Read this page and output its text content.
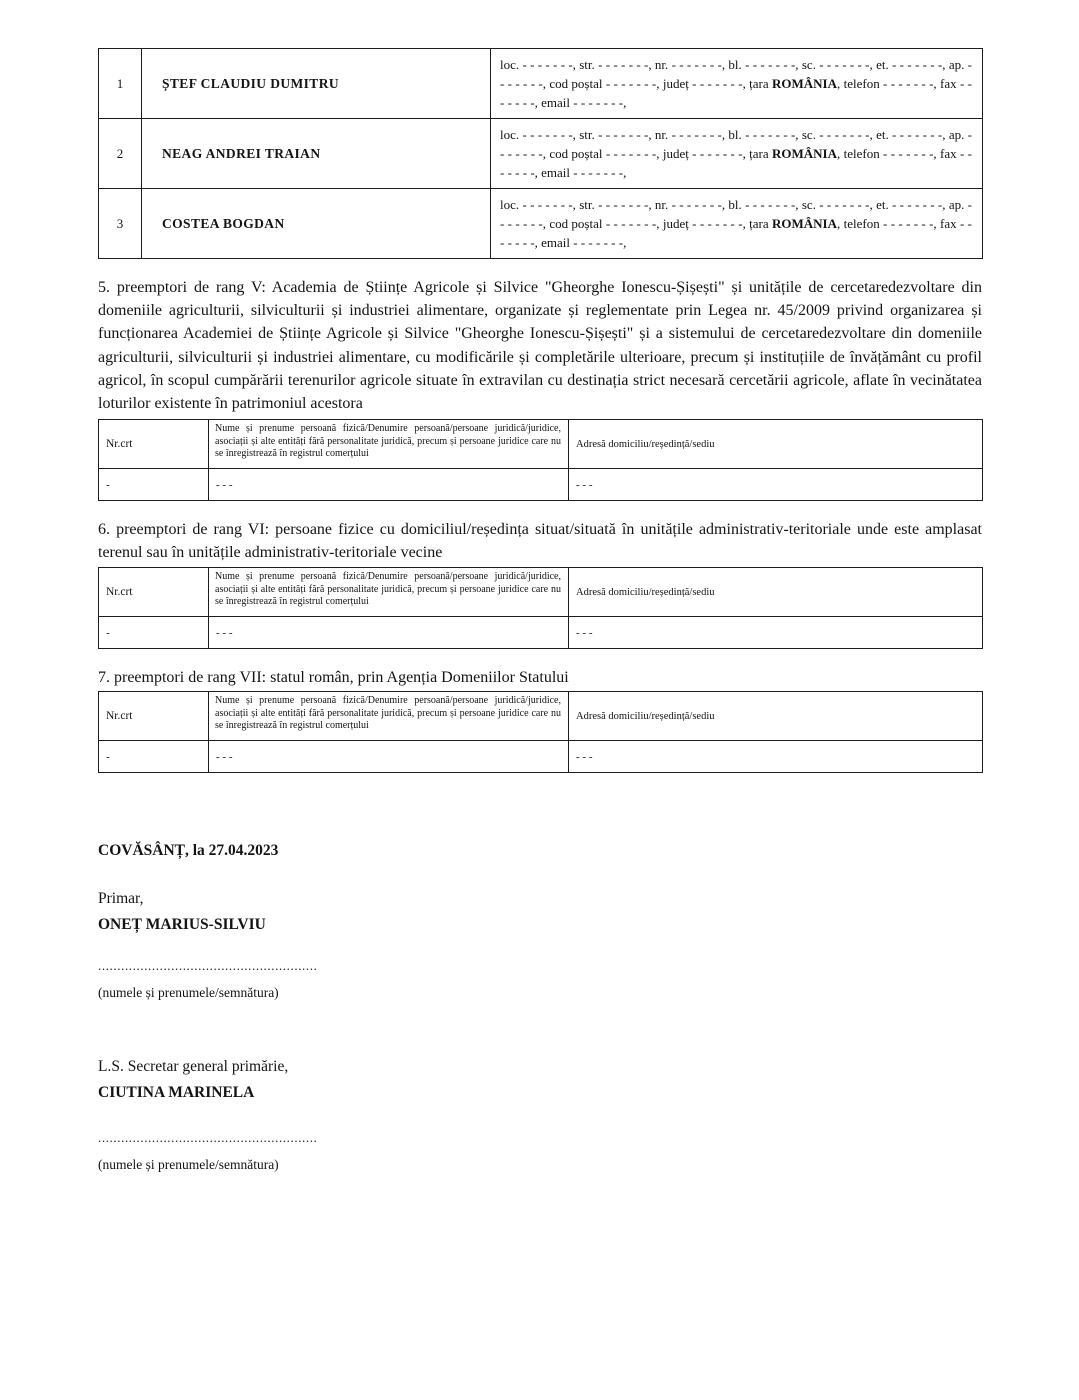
1	ȘTEF CLAUDIU DUMITRU	loc. - - - - - - -, str. - - - - - - -, nr. - - - - - - -, bl. - - - - - - -, sc. - - - - - - -, et. - - - - - - -, ap. - - - - - - -, cod poștal - - - - - - -, județ - - - - - - -, țara ROMÂNIA, telefon - - - - - - -, fax - - - - - - -, email - - - - - - -,
2	NEAG ANDREI TRAIAN	loc. - - - - - - -, str. - - - - - - -, nr. - - - - - - -, bl. - - - - - - -, sc. - - - - - - -, et. - - - - - - -, ap. - - - - - - -, cod poștal - - - - - - -, județ - - - - - - -, țara ROMÂNIA, telefon - - - - - - -, fax - - - - - - -, email - - - - - - -,
3	COSTEA BOGDAN	loc. - - - - - - -, str. - - - - - - -, nr. - - - - - - -, bl. - - - - - - -, sc. - - - - - - -, et. - - - - - - -, ap. - - - - - - -, cod poștal - - - - - - -, județ - - - - - - -, țara ROMÂNIA, telefon - - - - - - -, fax - - - - - - -, email - - - - - - -,

5. preemptori de rang V: Academia de Științe Agricole și Silvice "Gheorghe Ionescu-Șișești" și unitățile de cercetaredezvoltare din domeniile agriculturii, silviculturii și industriei alimentare, organizate și reglementate prin Legea nr. 45/2009 privind organizarea și funcționarea Academiei de Științe Agricole și Silvice "Gheorghe Ionescu-Șișești" și a sistemului de cercetaredezvoltare din domeniile agriculturii, silviculturii și industriei alimentare, cu modificările și completările ulterioare, precum și instituțiile de învățământ cu profil agricol, în scopul cumpărării terenurilor agricole situate în extravilan cu destinația strict necesară cercetării agricole, aflate în vecinătatea loturilor existente în patrimoniul acestora

Nr.crt	Nume și prenume persoană fizică/Denumire persoană/persoane juridică/juridice, asociații și alte entități fără personalitate juridică, precum și persoane juridice care nu se înregistrează în registrul comerțului	Adresă domiciliu/reședință/sediu
-	- - -	- - -

6. preemptori de rang VI: persoane fizice cu domiciliul/reședința situat/situată în unitățile administrativ-teritoriale unde este amplasat terenul sau în unitățile administrativ-teritoriale vecine

Nr.crt	Nume și prenume persoană fizică/Denumire persoană/persoane juridică/juridice, asociații și alte entități fără personalitate juridică, precum și persoane juridice care nu se înregistrează în registrul comerțului	Adresă domiciliu/reședință/sediu
-	- - -	- - -

7. preemptori de rang VII: statul român, prin Agenția Domeniilor Statului

Nr.crt	Nume și prenume persoană fizică/Denumire persoană/persoane juridică/juridice, asociații și alte entități fără personalitate juridică, precum și persoane juridice care nu se înregistrează în registrul comerțului	Adresă domiciliu/reședință/sediu
-	- - -	- - -
COVĂSÂNȚ, la 27.04.2023
Primar,
ONEȚ MARIUS-SILVIU
.........................................................
(numele și prenumele/semnătura)
L.S. Secretar general primărie,
CIUTINA MARINELA
.........................................................
(numele și prenumele/semnătura)
